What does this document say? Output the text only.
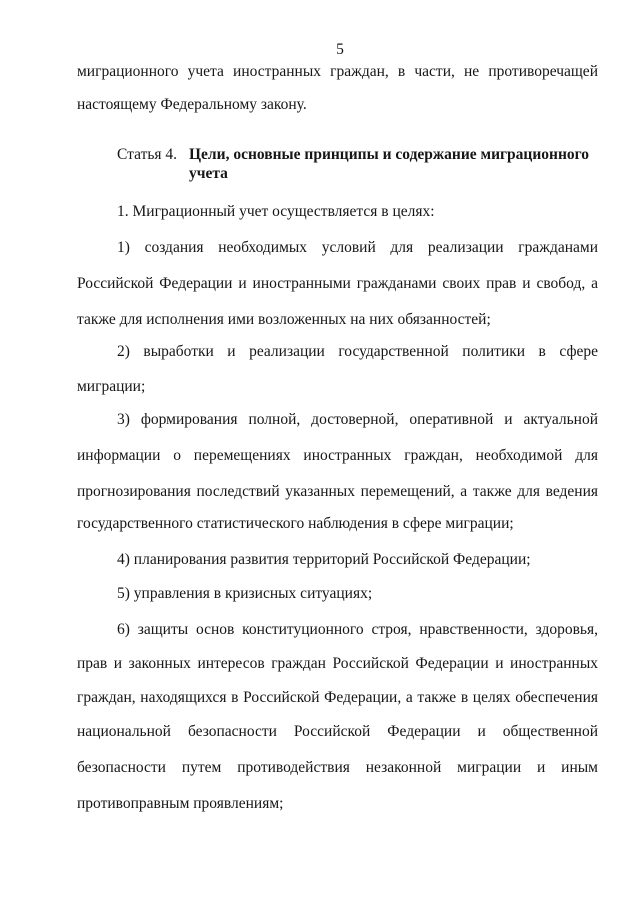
5
миграционного учета иностранных граждан, в части, не противоречащей
настоящему Федеральному закону.
Статья 4. Цели, основные принципы и содержание миграционного
учета
1. Миграционный учет осуществляется в целях:
1) создания необходимых условий для реализации гражданами
Российской Федерации и иностранными гражданами своих прав и свобод, а
также для исполнения ими возложенных на них обязанностей;
2) выработки и реализации государственной политики в сфере
миграции;
3) формирования полной, достоверной, оперативной и актуальной
информации о перемещениях иностранных граждан, необходимой для
прогнозирования последствий указанных перемещений, а также для ведения
государственного статистического наблюдения в сфере миграции;
4) планирования развития территорий Российской Федерации;
5) управления в кризисных ситуациях;
6) защиты основ конституционного строя, нравственности, здоровья,
прав и законных интересов граждан Российской Федерации и иностранных
граждан, находящихся в Российской Федерации, а также в целях обеспечения
национальной безопасности Российской Федерации и общественной
безопасности путем противодействия незаконной миграции и иным
противоправным проявлениям;
